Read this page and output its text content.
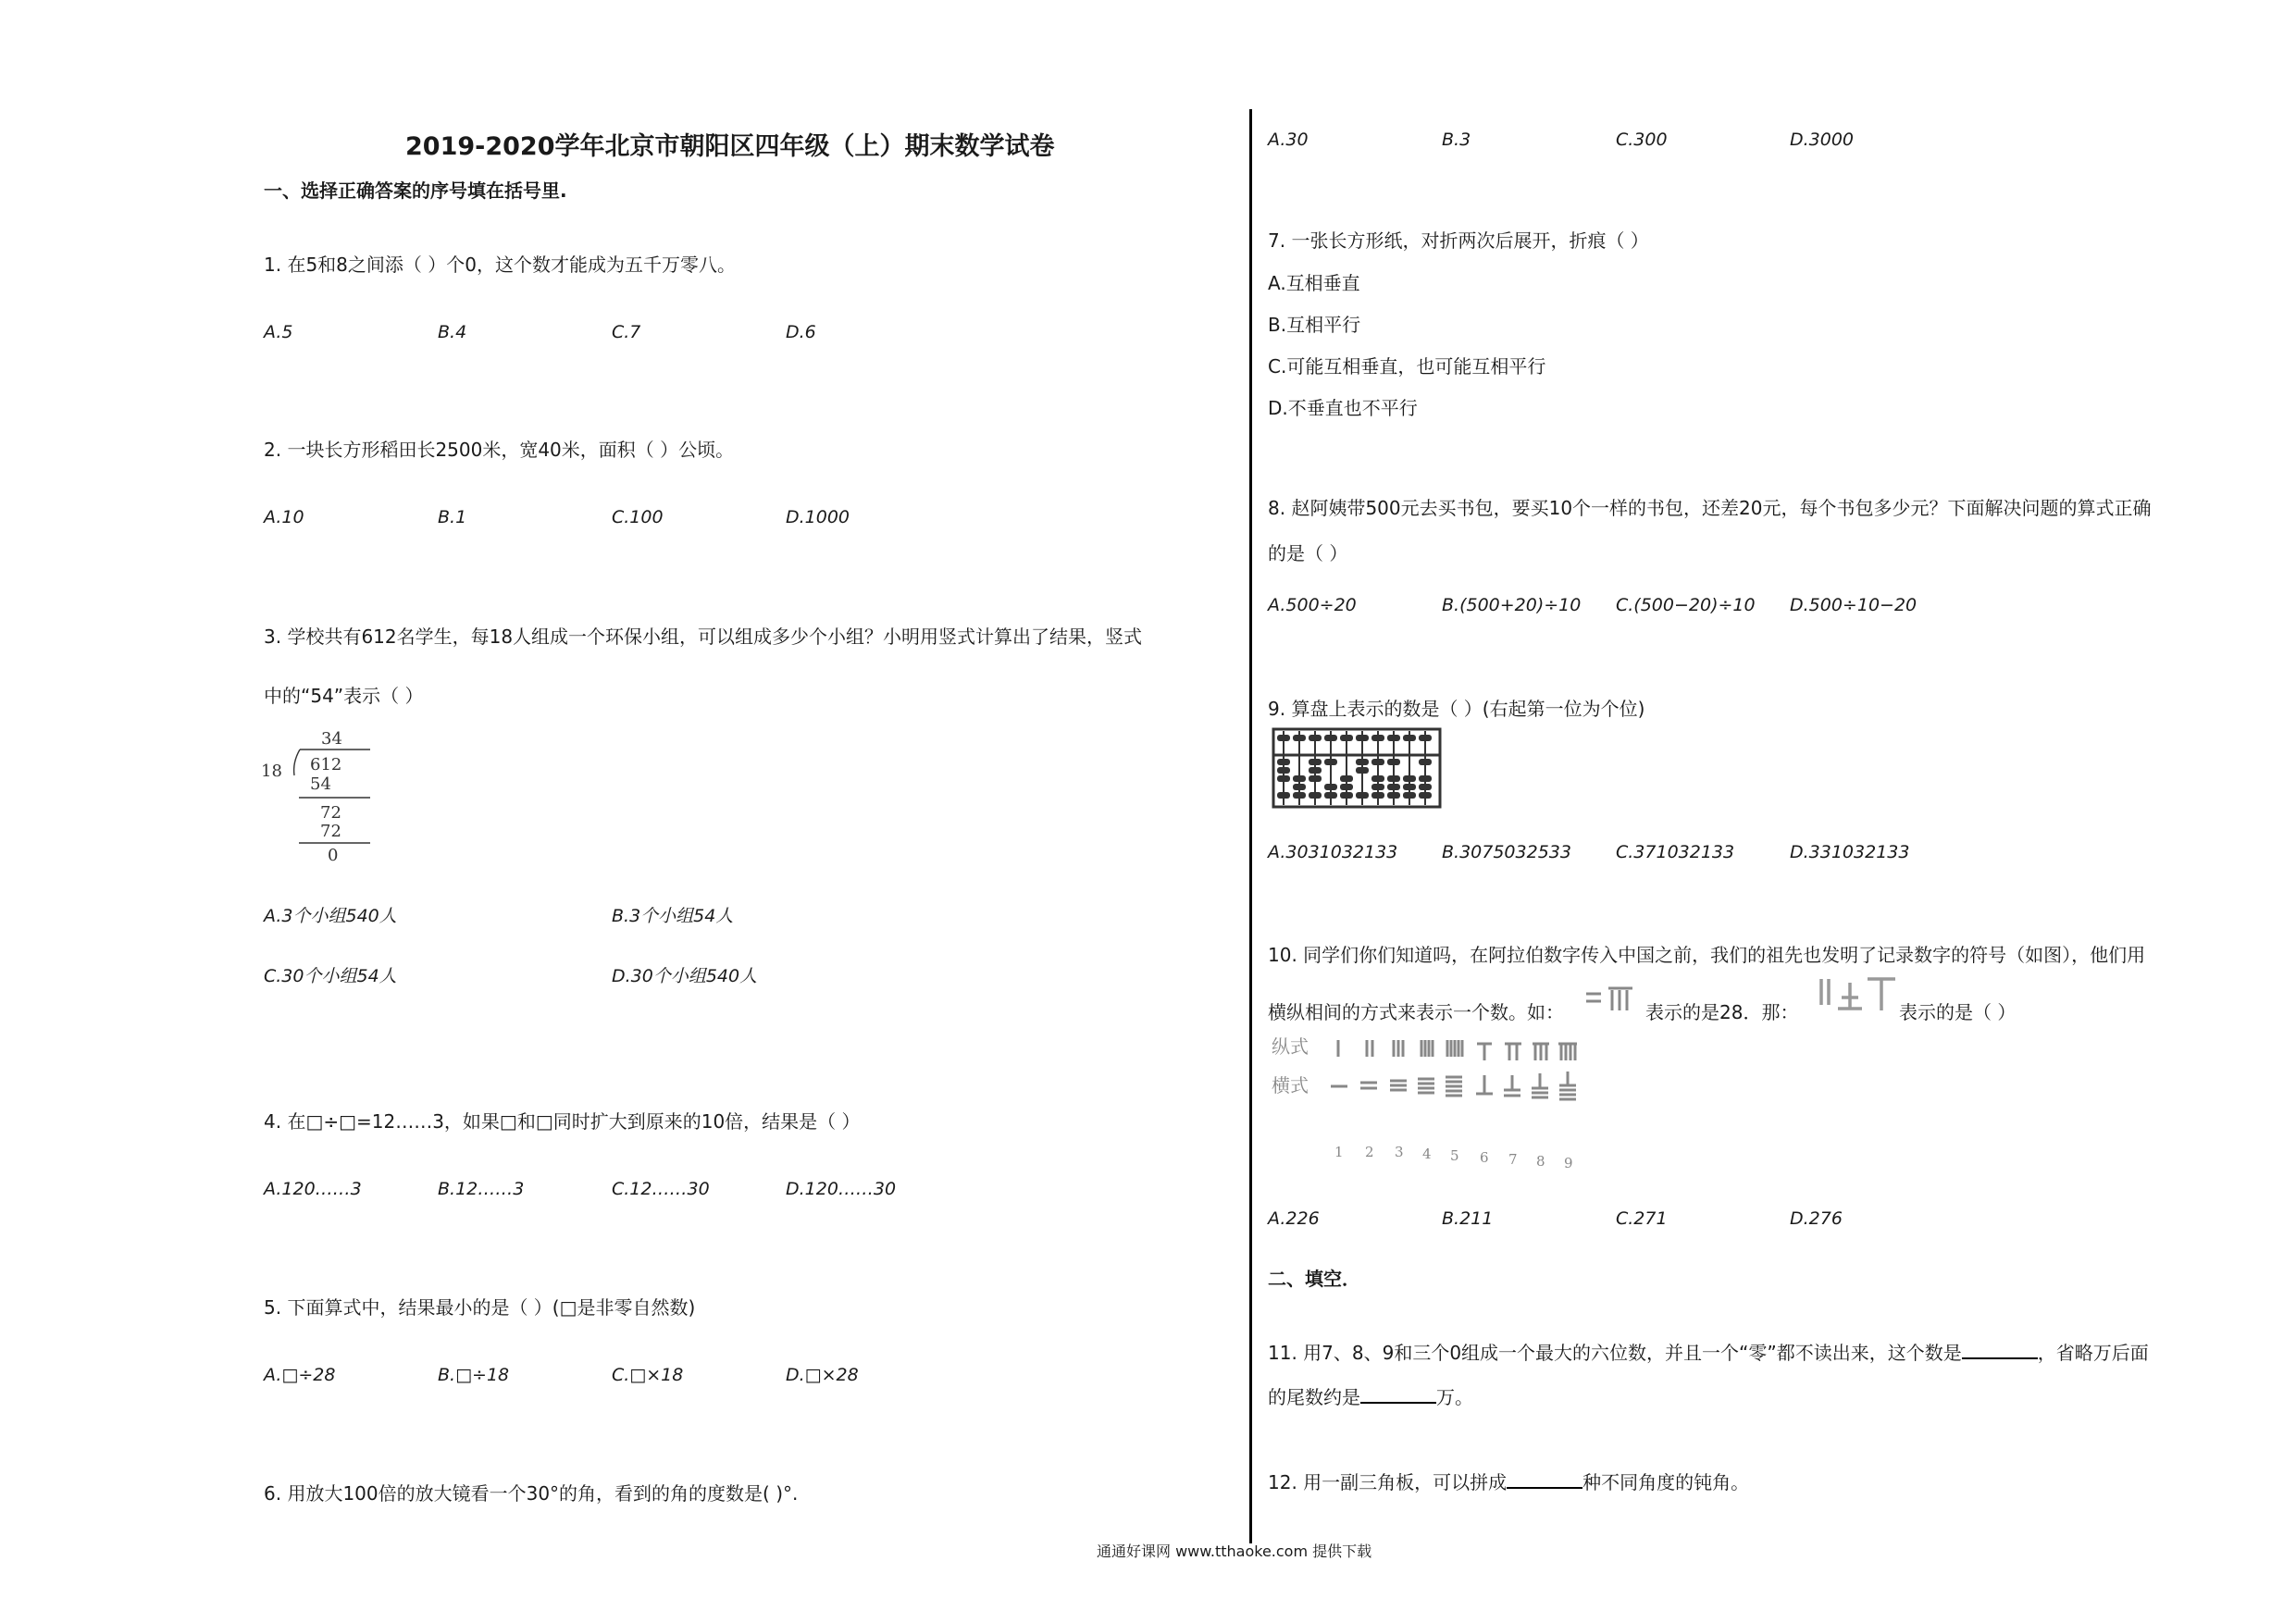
2019-2020学年北京市朝阳区四年级（上）期末数学试卷
一、选择正确答案的序号填在括号里.
1. 在5和8之间添（ ）个0，这个数才能成为五千万零八。
A.5	B.4	C.7	D.6
2. 一块长方形稻田长2500米，宽40米，面积（ ）公顷。
A.10	B.1	C.100	D.1000
3. 学校共有612名学生，每18人组成一个环保小组，可以组成多少个小组？小明用竖式计算出了结果，竖式
中的“54”表示（ ）
34
18 612
54
72
72
0
A.3个小组540人	B.3个小组54人
C.30个小组54人	D.30个小组540人
4. 在□÷□=12……3，如果□和□同时扩大到原来的10倍，结果是（ ）
A.120……3	B.12……3	C.12……30	D.120……30
5. 下面算式中，结果最小的是（ ）(□是非零自然数)
A.□÷28	B.□÷18	C.□×18	D.□×28
6. 用放大100倍的放大镜看一个30°的角，看到的角的度数是( )°.
A.30	B.3	C.300	D.3000
7. 一张长方形纸，对折两次后展开，折痕（ ）
A.互相垂直
B.互相平行
C.可能互相垂直，也可能互相平行
D.不垂直也不平行
8. 赵阿姨带500元去买书包，要买10个一样的书包，还差20元，每个书包多少元？下面解决问题的算式正确
的是（ ）
A.500÷20	B.(500+20)÷10 C.(500−20)÷10 D.500÷10−20
9. 算盘上表示的数是（ ）(右起第一位为个位)
A.3031032133	B.3075032533	C.371032133	D.331032133
10. 同学们你们知道吗，在阿拉伯数字传入中国之前，我们的祖先也发明了记录数字的符号（如图），他们用
横纵相间的方式来表示一个数。如：	表示的是28．那：	表示的是（ ）
纵式
横式
1 2 3 4 5 6 7 8 9
A.226	B.211	C.271	D.276
二、填空．
11. 用7、8、9和三个0组成一个最大的六位数，并且一个“零”都不读出来，这个数是	，省略万后面
的尾数约是	万。
12. 用一副三角板，可以拼成	种不同角度的钝角。
通通好课网 www.tthaoke.com 提供下载
